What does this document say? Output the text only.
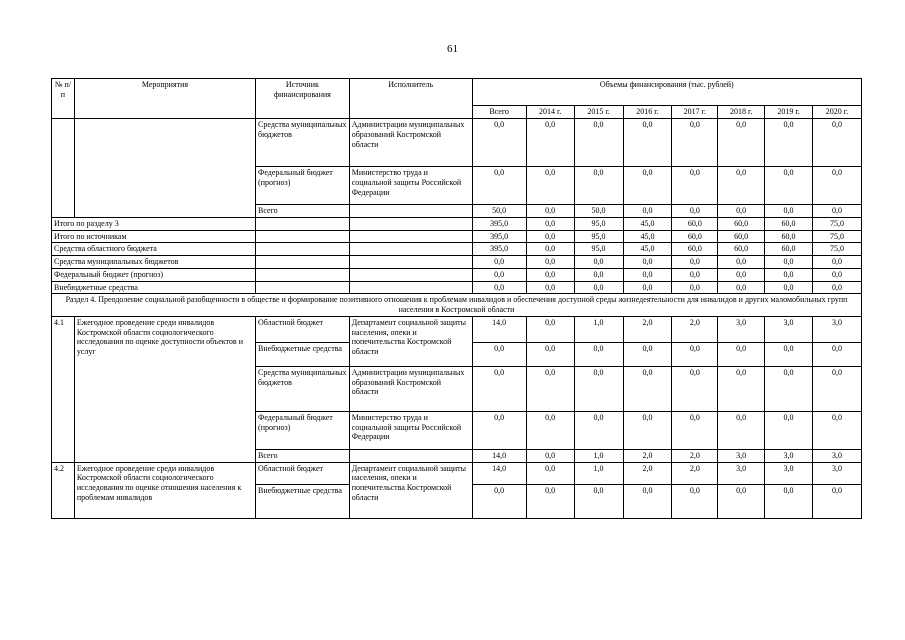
61
№ п/п	Мероприятия	Источник финансирования	Исполнитель	Объемы финансирования (тыс. рублей)							
				Всего	2014 г.	2015 г.	2016 г.	2017 г.	2018 г.	2019 г.	2020 г.
		Средства муниципальных бюджетов	Администрации муниципальных образований Костромской области	0,0	0,0	0,0	0,0	0,0	0,0	0,0	0,0
		Федеральный бюджет (прогноз)	Министерство труда и социальной защиты Российской Федерации	0,0	0,0	0,0	0,0	0,0	0,0	0,0	0,0
		Всего		50,0	0,0	50,0	0,0	0,0	0,0	0,0	0,0
Итого по разделу 3				395,0	0,0	95,0	45,0	60,0	60,0	60,0	75,0
Итого по источникам				395,0	0,0	95,0	45,0	60,0	60,0	60,0	75,0
Средства областного бюджета				395,0	0,0	95,0	45,0	60,0	60,0	60,0	75,0
Средства муниципальных бюджетов				0,0	0,0	0,0	0,0	0,0	0,0	0,0	0,0
Федеральный бюджет (прогноз)				0,0	0,0	0,0	0,0	0,0	0,0	0,0	0,0
Внебюджетные средства				0,0	0,0	0,0	0,0	0,0	0,0	0,0	0,0
Раздел 4. Преодоление социальной разобщенности в обществе и формирование позитивного отношения к проблемам инвалидов и обеспечения доступной среды жизнедеятельности для инвалидов и других маломобильных групп населения в Костромской области											
4.1	Ежегодное проведение среди инвалидов Костромской области социологического исследования по оценке доступности объектов и услуг	Областной бюджет	Департамент социальной защиты населения, опеки и попечительства Костромской области	14,0	0,0	1,0	2,0	2,0	3,0	3,0	3,0
		Внебюджетные средства		0,0	0,0	0,0	0,0	0,0	0,0	0,0	0,0
		Средства муниципальных бюджетов	Администрации муниципальных образований Костромской области	0,0	0,0	0,0	0,0	0,0	0,0	0,0	0,0
		Федеральный бюджет (прогноз)	Министерство труда и социальной защиты Российской Федерации	0,0	0,0	0,0	0,0	0,0	0,0	0,0	0,0
		Всего		14,0	0,0	1,0	2,0	2,0	3,0	3,0	3,0
4.2	Ежегодное проведение среди инвалидов Костромской области социологического исследования по оценке отношения населения к проблемам инвалидов	Областной бюджет	Департамент социальной защиты населения, опеки и попечительства Костромской области	14,0	0,0	1,0	2,0	2,0	3,0	3,0	3,0
		Внебюджетные средства		0,0	0,0	0,0	0,0	0,0	0,0	0,0	0,0
